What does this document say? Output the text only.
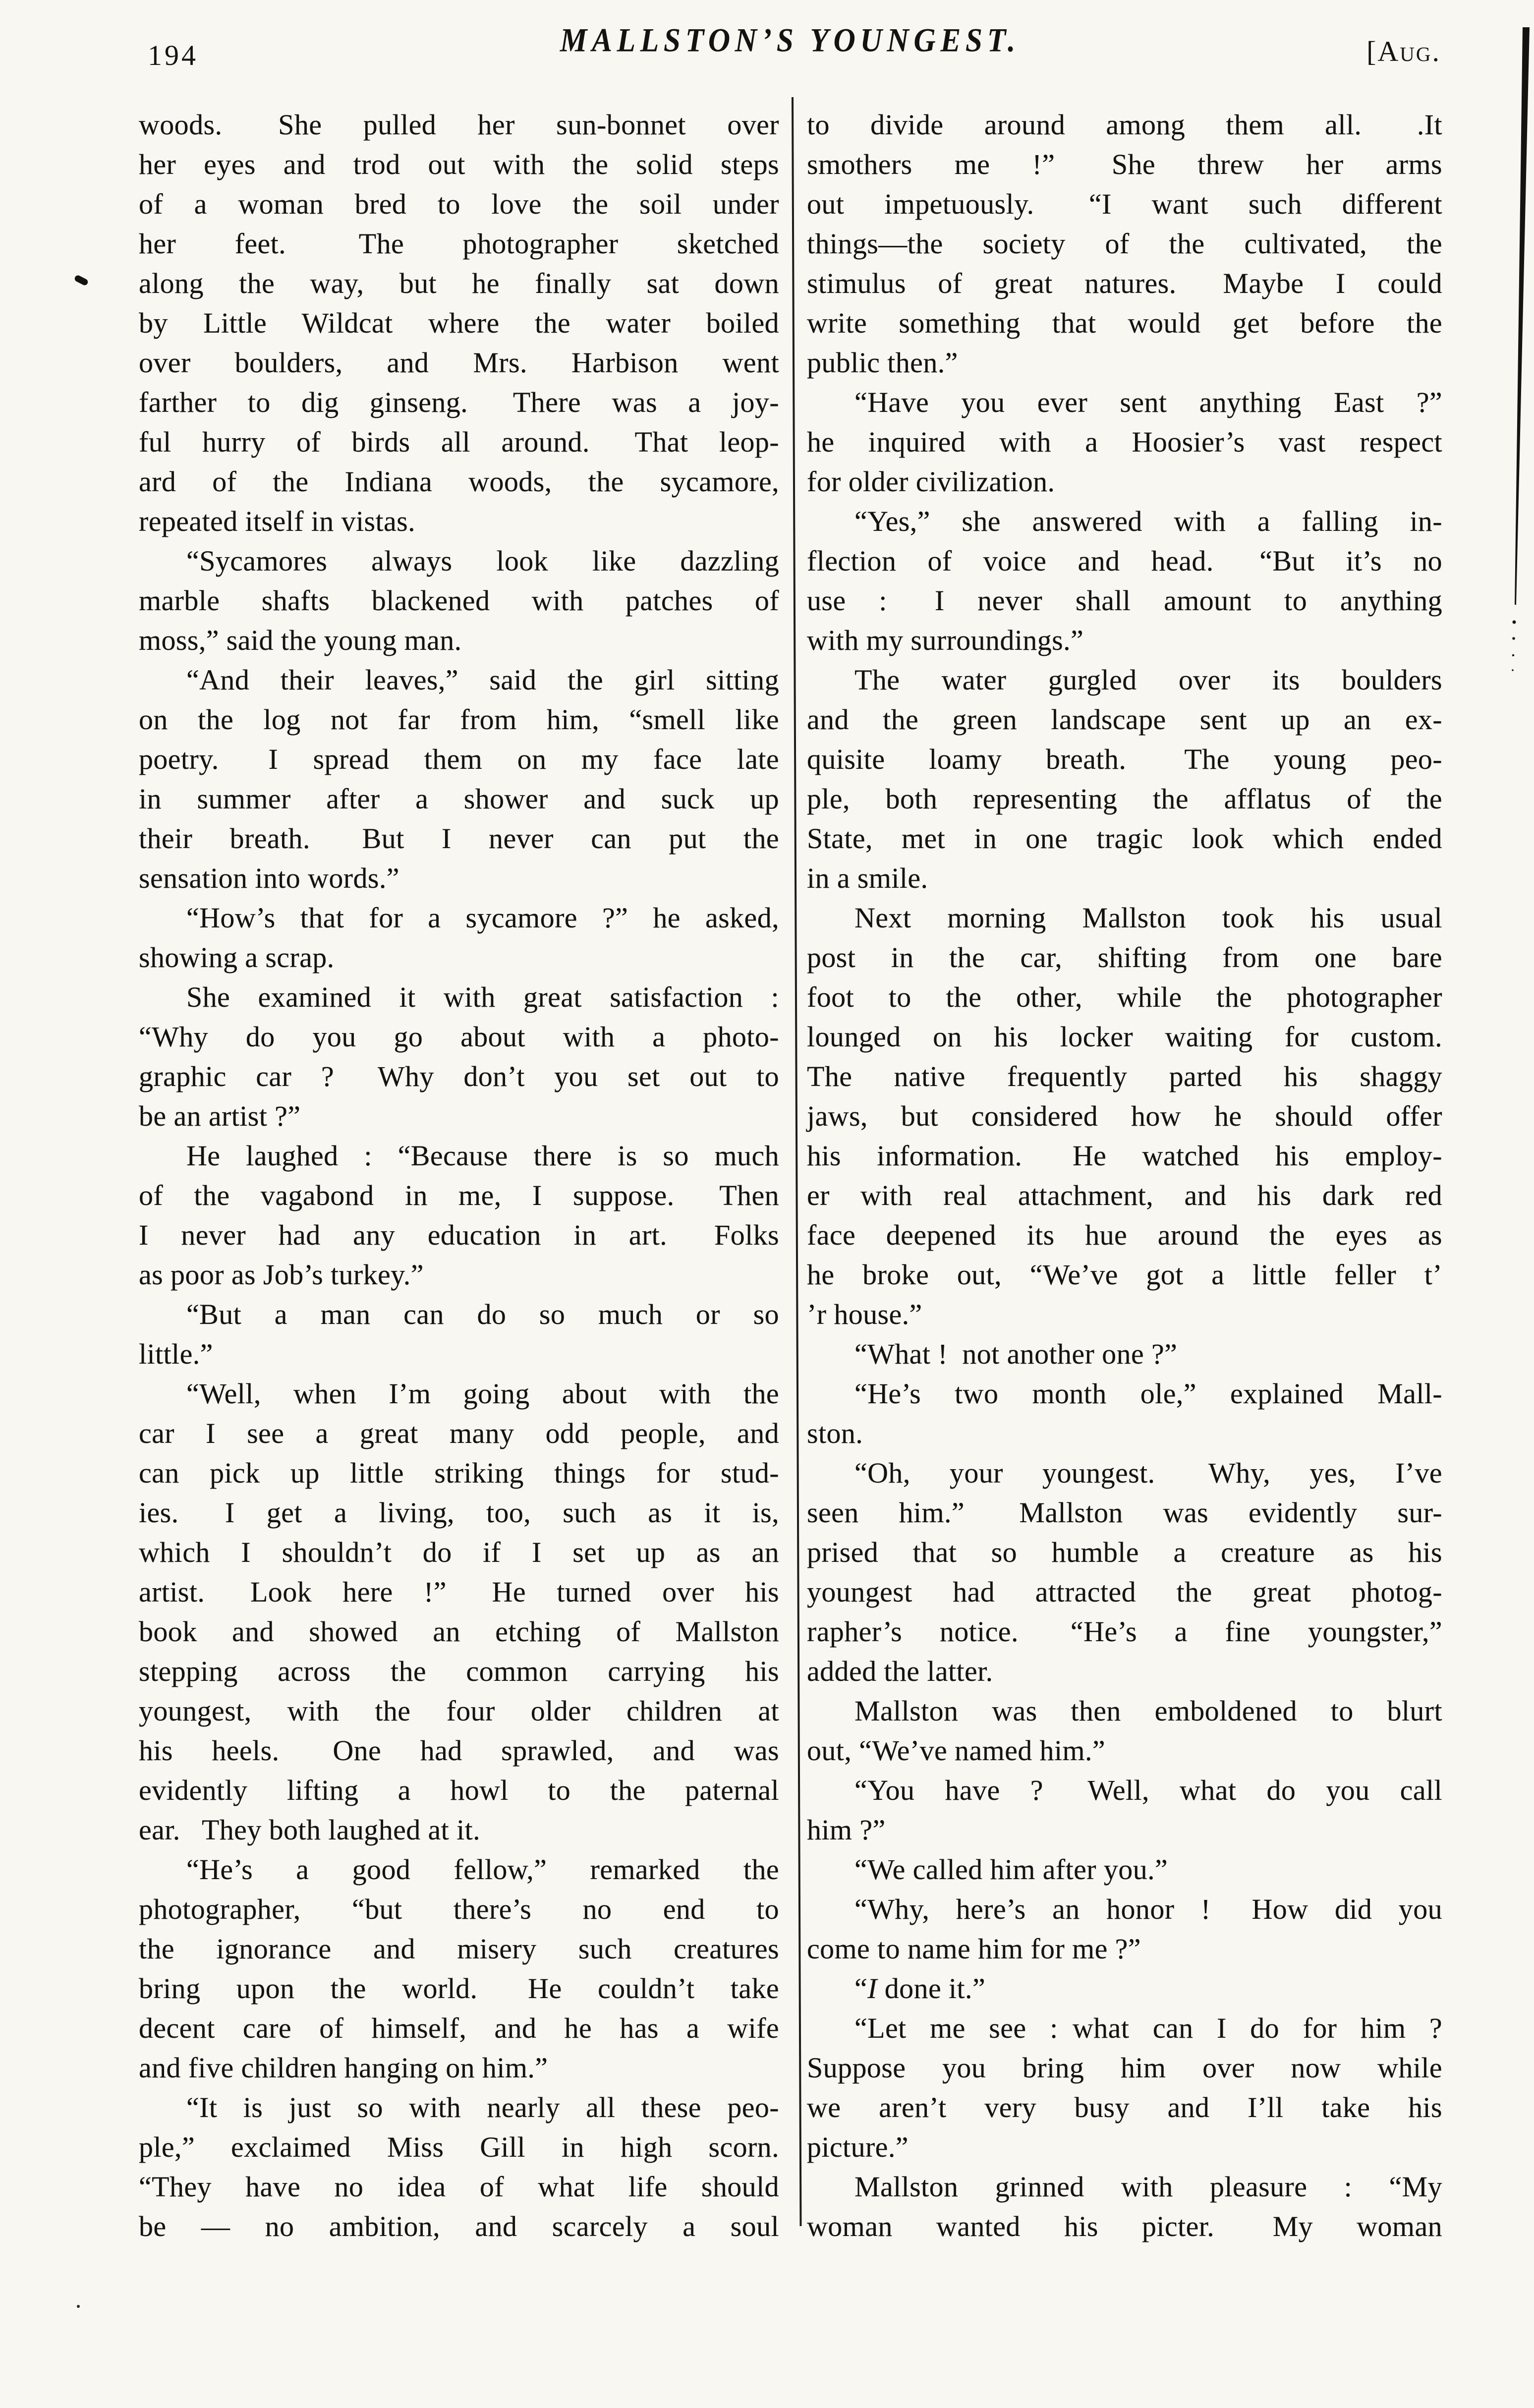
194	MALLSTON’S YOUNGEST.	[Aug.
woods.  She pulled her sun-bonnet over
her eyes and trod out with the solid steps
of a woman bred to love the soil under
her feet.  The photographer sketched
along the way, but he finally sat down
by Little Wildcat where the water boiled
over boulders, and Mrs. Harbison went
farther to dig ginseng.  There was a joy-
ful hurry of birds all around.  That leop-
ard of the Indiana woods, the sycamore,
repeated itself in vistas.
“Sycamores always look like dazzling
marble shafts blackened with patches of
moss,” said the young man.
“And their leaves,” said the girl sitting
on the log not far from him, “smell like
poetry.  I spread them on my face late
in summer after a shower and suck up
their breath.  But I never can put the
sensation into words.”
“How’s that for a sycamore ?” he asked,
showing a scrap.
She examined it with great satisfaction :
“Why do you go about with a photo-
graphic car ?  Why don’t you set out to
be an artist ?”
He laughed : “Because there is so much
of the vagabond in me, I suppose.  Then
I never had any education in art.  Folks
as poor as Job’s turkey.”
“But a man can do so much or so
little.”
“Well, when I’m going about with the
car I see a great many odd people, and
can pick up little striking things for stud-
ies.  I get a living, too, such as it is,
which I shouldn’t do if I set up as an
artist.  Look here !”  He turned over his
book and showed an etching of Mallston
stepping across the common carrying his
youngest, with the four older children at
his heels.  One had sprawled, and was
evidently lifting a howl to the paternal
ear.  They both laughed at it.
“He’s a good fellow,” remarked the
photographer, “but there’s no end to
the ignorance and misery such creatures
bring upon the world.  He couldn’t take
decent care of himself, and he has a wife
and five children hanging on him.”
“It is just so with nearly all these peo-
ple,” exclaimed Miss Gill in high scorn.
“They have no idea of what life should
be — no ambition, and scarcely a soul
to divide around among them all.  .It
smothers me !”  She threw her arms
out impetuously.  “I want such different
things—the society of the cultivated, the
stimulus of great natures.  Maybe I could
write something that would get before the
public then.”
“Have you ever sent anything East ?”
he inquired with a Hoosier’s vast respect
for older civilization.
“Yes,” she answered with a falling in-
flection of voice and head.  “But it’s no
use :  I never shall amount to anything
with my surroundings.”
The water gurgled over its boulders
and the green landscape sent up an ex-
quisite loamy breath.  The young peo-
ple, both representing the afflatus of the
State, met in one tragic look which ended
in a smile.
Next morning Mallston took his usual
post in the car, shifting from one bare
foot to the other, while the photographer
lounged on his locker waiting for custom.
The native frequently parted his shaggy
jaws, but considered how he should offer
his information.  He watched his employ-
er with real attachment, and his dark red
face deepened its hue around the eyes as
he broke out, “We’ve got a little feller t’
’r house.”
“What ! not another one ?”
“He’s two month ole,” explained Mall-
ston.
“Oh, your youngest.  Why, yes, I’ve
seen him.”  Mallston was evidently sur-
prised that so humble a creature as his
youngest had attracted the great photog-
rapher’s notice.  “He’s a fine youngster,”
added the latter.
Mallston was then emboldened to blurt
out, “We’ve named him.”
“You have ?  Well, what do you call
him ?”
“We called him after you.”
“Why, here’s an honor !  How did you
come to name him for me ?”
“I done it.”
“Let me see : what can I do for him ?
Suppose you bring him over now while
we aren’t very busy and I’ll take his
picture.”
Mallston grinned with pleasure : “My
woman wanted his picter.  My woman
